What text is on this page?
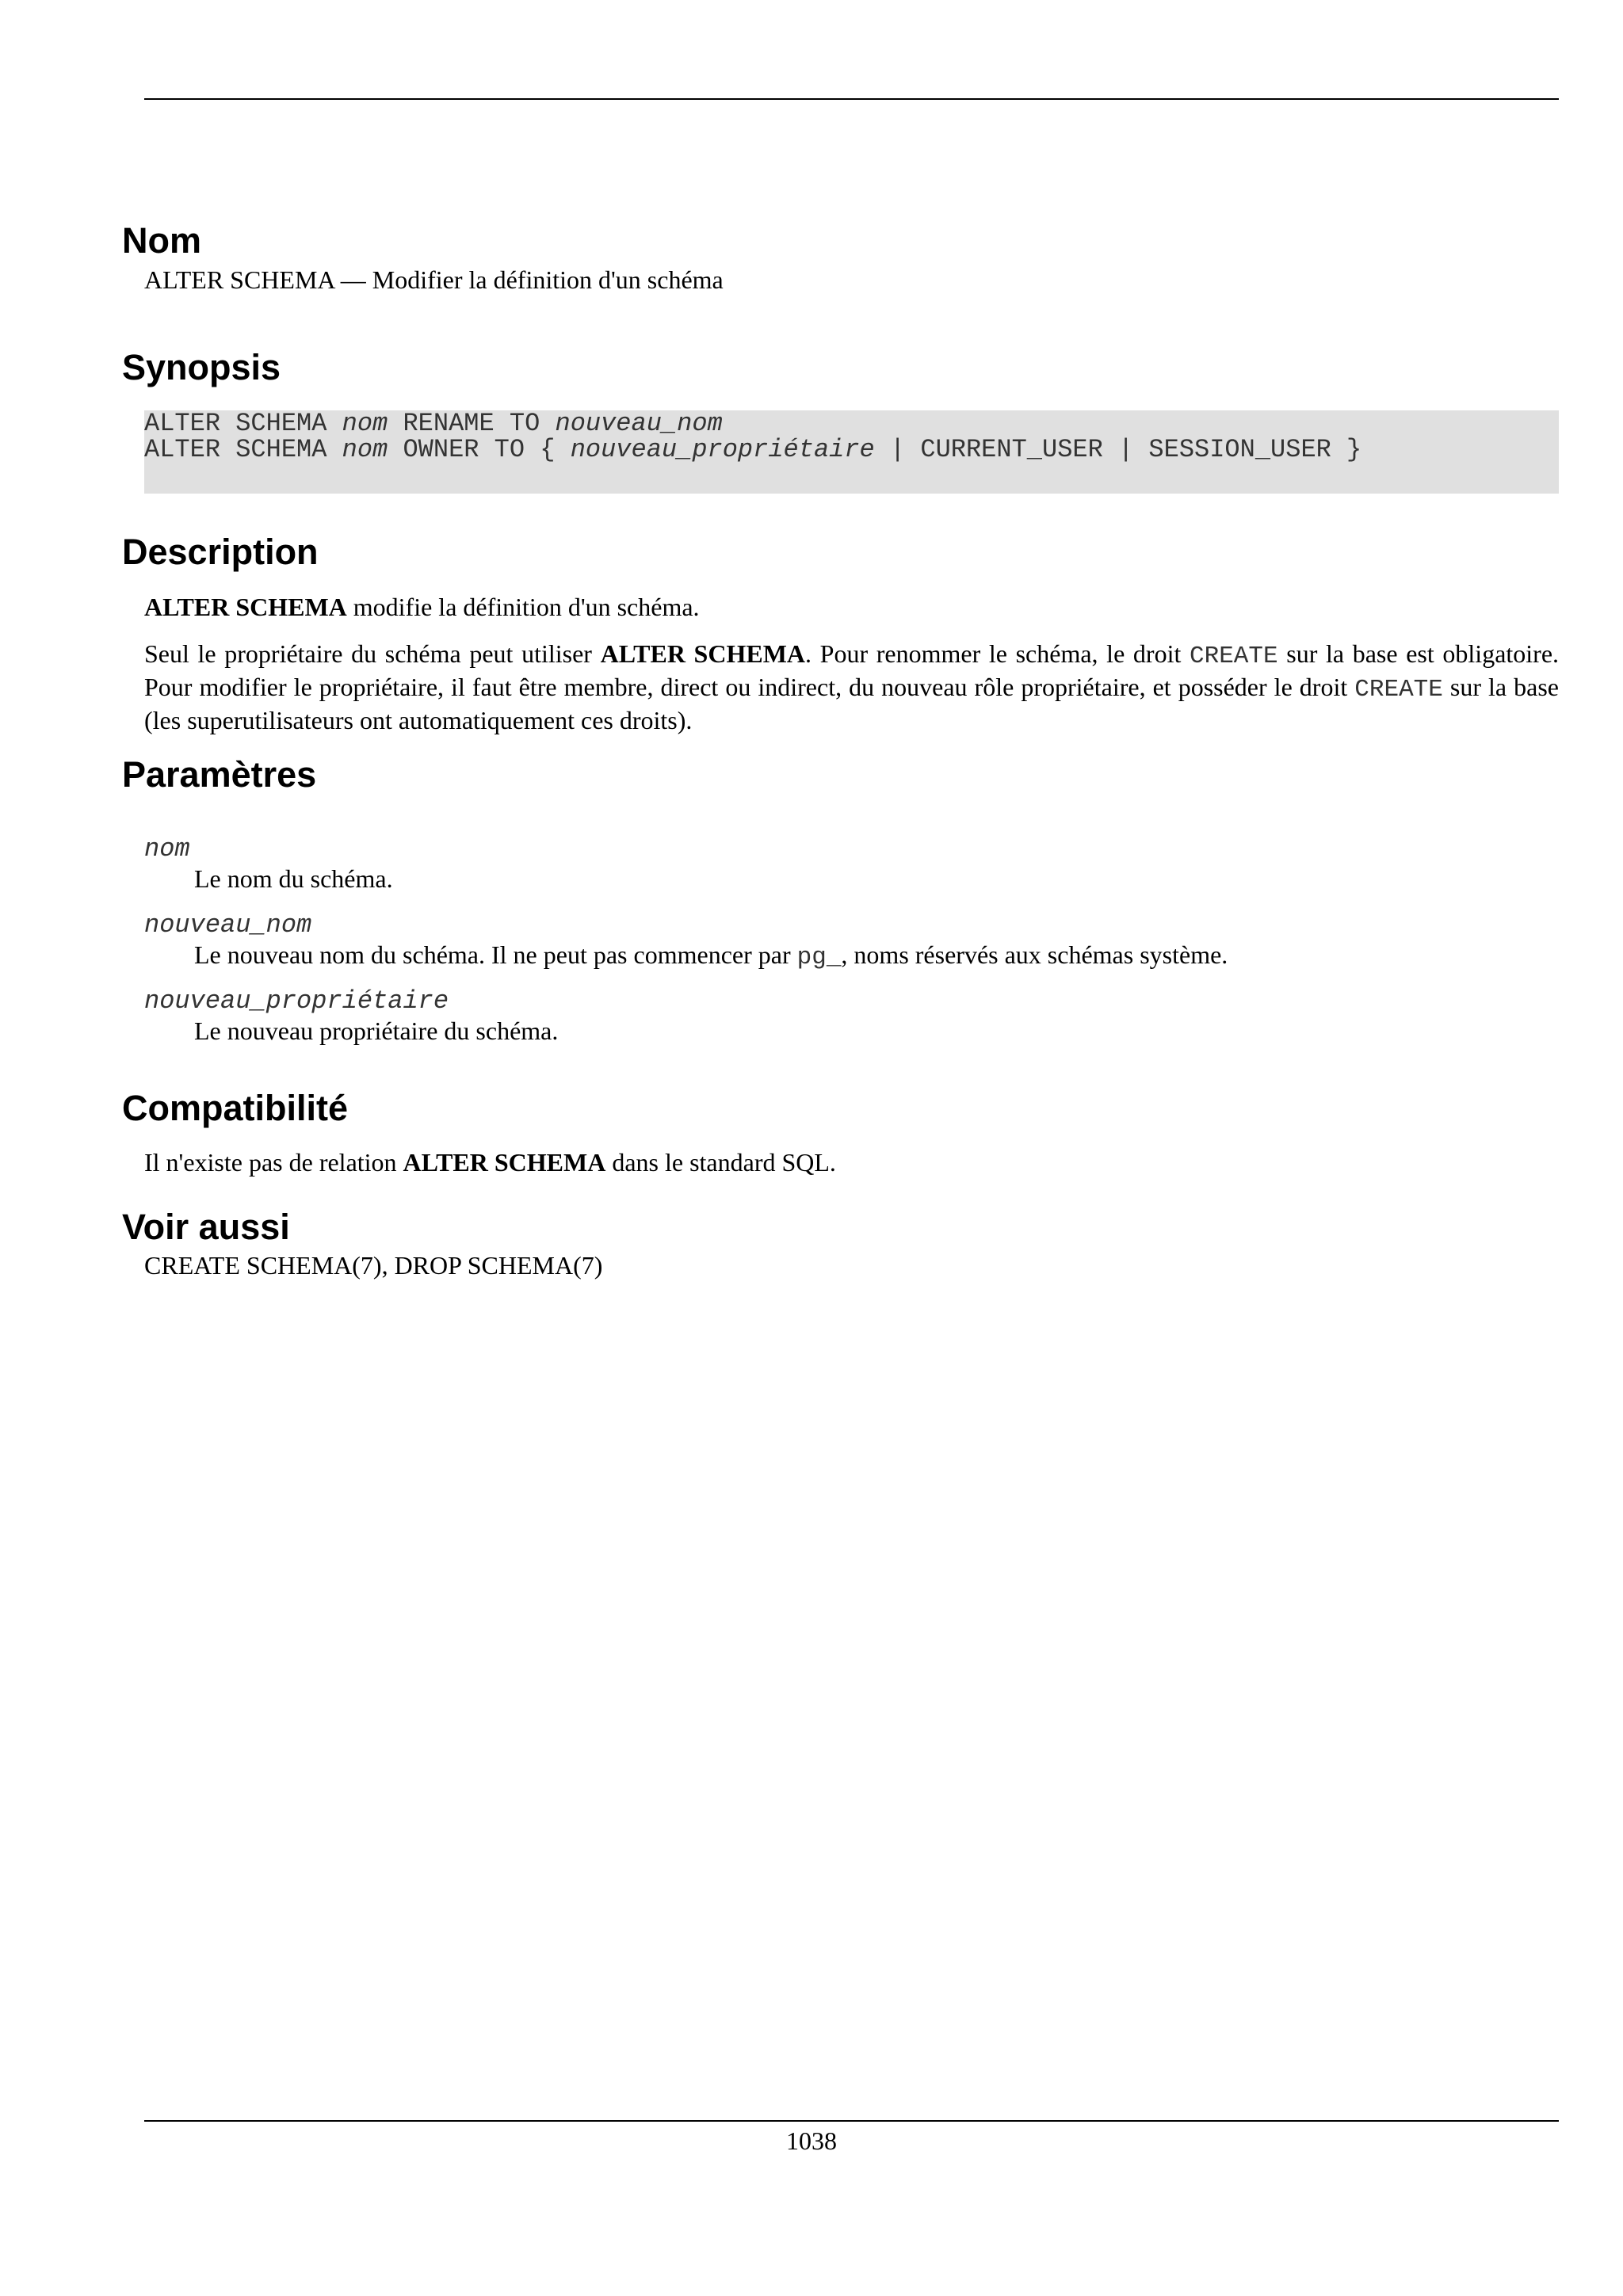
Nom

ALTER SCHEMA — Modifier la définition d'un schéma

Synopsis
ALTER SCHEMA nom RENAME TO nouveau_nom
ALTER SCHEMA nom OWNER TO { nouveau_propriétaire | CURRENT_USER | SESSION_USER }
Description

ALTER SCHEMA modifie la définition d'un schéma.

Seul le propriétaire du schéma peut utiliser ALTER SCHEMA. Pour renommer le schéma, le droit CREATE sur la base est obligatoire. Pour modifier le propriétaire, il faut être membre, direct ou indirect, du nouveau rôle propriétaire, et posséder le droit CREATE sur la base (les superutilisateurs ont automatiquement ces droits).

Paramètres
nom
Le nom du schéma.
nouveau_nom
Le nouveau nom du schéma. Il ne peut pas commencer par pg_, noms réservés aux schémas système.
nouveau_propriétaire
Le nouveau propriétaire du schéma.
Compatibilité

Il n'existe pas de relation ALTER SCHEMA dans le standard SQL.

Voir aussi

CREATE SCHEMA(7), DROP SCHEMA(7)

1038
